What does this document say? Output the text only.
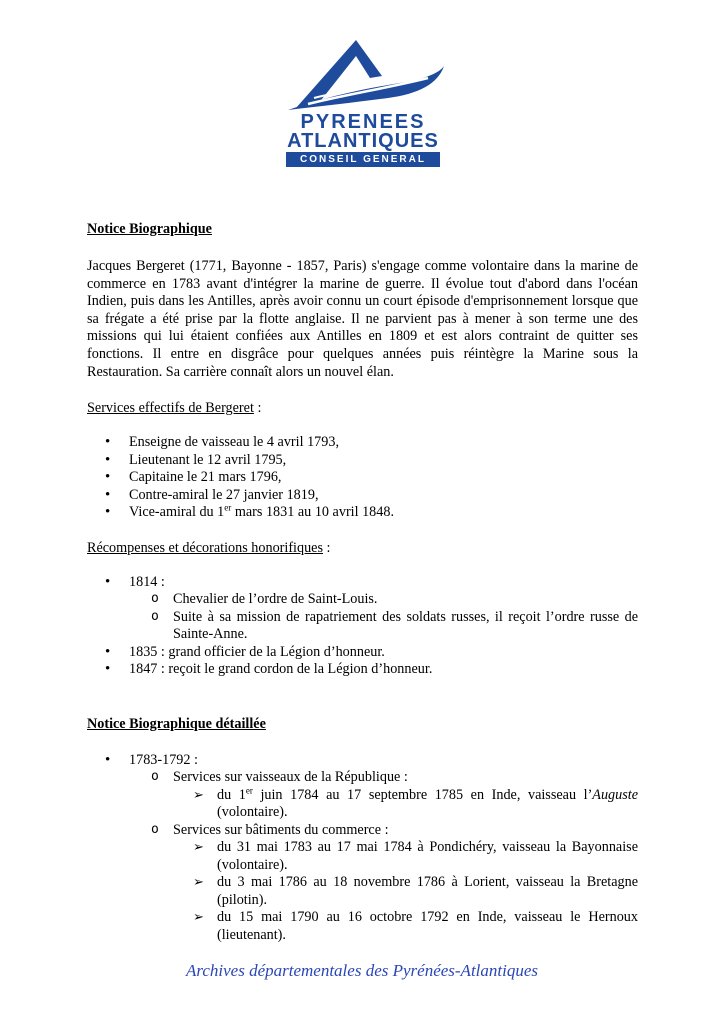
PYRENEES
ATLANTIQUES
CONSEIL GENERAL

Notice Biographique

Jacques Bergeret (1771, Bayonne - 1857, Paris) s'engage comme volontaire dans la marine de commerce en 1783 avant d'intégrer la marine de guerre. Il évolue tout d'abord dans l'océan Indien, puis dans les Antilles, après avoir connu un court épisode d'emprisonnement lorsque que sa frégate a été prise par la flotte anglaise. Il ne parvient pas à mener à son terme une des missions qui lui étaient confiées aux Antilles en 1809 et est alors contraint de quitter ses fonctions. Il entre en disgrâce pour quelques années puis réintègre la Marine sous la Restauration. Sa carrière connaît alors un nouvel élan.

Services effectifs de Bergeret :

• Enseigne de vaisseau le 4 avril 1793,
• Lieutenant le 12 avril 1795,
• Capitaine le 21 mars 1796,
• Contre-amiral le 27 janvier 1819,
• Vice-amiral du 1er mars 1831 au 10 avril 1848.

Récompenses et décorations honorifiques :

• 1814 :
o Chevalier de l’ordre de Saint-Louis.
o Suite à sa mission de rapatriement des soldats russes, il reçoit l’ordre russe de Sainte-Anne.
• 1835 : grand officier de la Légion d’honneur.
• 1847 : reçoit le grand cordon de la Légion d’honneur.

Notice Biographique détaillée

• 1783-1792 :
o Services sur vaisseaux de la République :
➢ du 1er juin 1784 au 17 septembre 1785 en Inde, vaisseau l’Auguste (volontaire).
o Services sur bâtiments du commerce :
➢ du 31 mai 1783 au 17 mai 1784 à Pondichéry, vaisseau la Bayonnaise (volontaire).
➢ du 3 mai 1786 au 18 novembre 1786 à Lorient, vaisseau la Bretagne (pilotin).
➢ du 15 mai 1790 au 16 octobre 1792 en Inde, vaisseau le Hernoux (lieutenant).
Archives départementales des Pyrénées-Atlantiques
